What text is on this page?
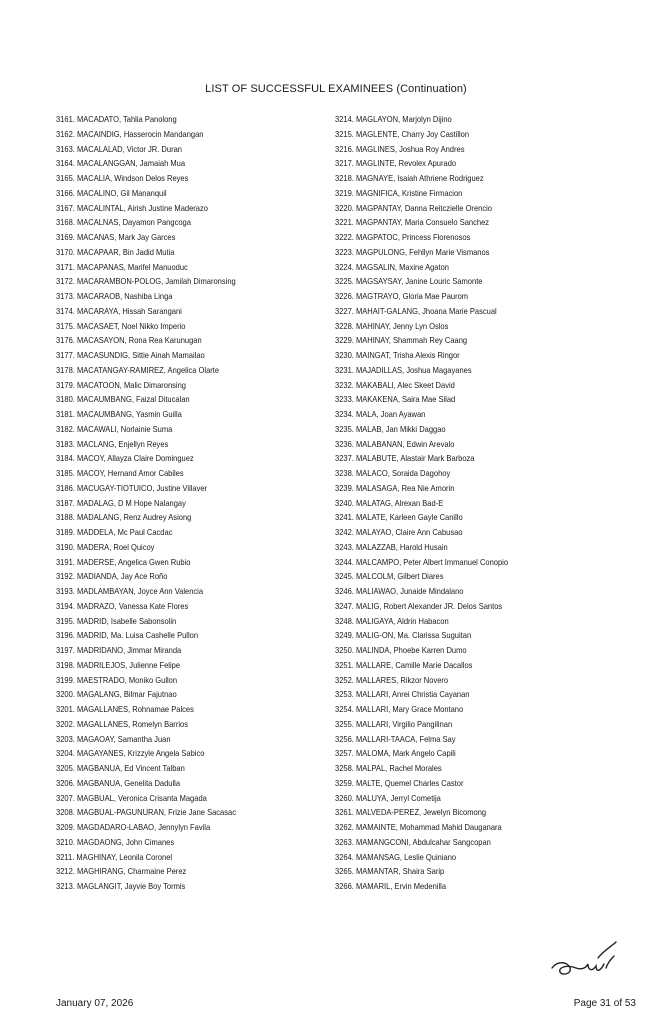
LIST OF SUCCESSFUL EXAMINEES (Continuation)
3161. MACADATO, Tahlia Panolong
3162. MACAINDIG, Hasserocin Mandangan
3163. MACALALAD, Victor JR. Duran
3164. MACALANGGAN, Jamaiah Mua
3165. MACALIA, Windson Delos Reyes
3166. MACALINO, Gil Mananquil
3167. MACALINTAL, Airish Justine Maderazo
3168. MACALNAS, Dayamon Pangcoga
3169. MACANAS, Mark Jay Garces
3170. MACAPAAR, Bin Jadid Mutia
3171. MACAPANAS, Marifel Manuoduc
3172. MACARAMBON-POLOG, Jamilah Dimaronsing
3173. MACARAOB, Nashiba Linga
3174. MACARAYA, Hissah Sarangani
3175. MACASAET, Noel Nikko Imperio
3176. MACASAYON, Rona Rea Karunugan
3177. MACASUNDIG, Sittie Ainah Mamailao
3178. MACATANGAY-RAMIREZ, Angelica Olarte
3179. MACATOON, Malic Dimaronsing
3180. MACAUMBANG, Faizal Ditucalan
3181. MACAUMBANG, Yasmin Guilla
3182. MACAWALI, Norlainie Suma
3183. MACLANG, Enjellyn Reyes
3184. MACOY, Allayza Claire Dominguez
3185. MACOY, Hernand Amor Cabiles
3186. MACUGAY-TIOTUICO, Justine Villaver
3187. MADALAG, D M Hope Nalangay
3188. MADALANG, Renz Audrey Asiong
3189. MADDELA, Mc Paul Cacdac
3190. MADERA, Roel Quicoy
3191. MADERSE, Angelica Gwen Rubio
3192. MADIANDA, Jay Ace Roño
3193. MADLAMBAYAN, Joyce Ann Valencia
3194. MADRAZO, Vanessa Kate Flores
3195. MADRID, Isabelle Sabonsolin
3196. MADRID, Ma. Luisa Cashelle Pullon
3197. MADRIDANO, Jimmar Miranda
3198. MADRILEJOS, Julienne Felipe
3199. MAESTRADO, Moniko Gullon
3200. MAGALANG, Bilmar Fajutnao
3201. MAGALLANES, Rohnamae Palces
3202. MAGALLANES, Romelyn Barrios
3203. MAGAOAY, Samantha Juan
3204. MAGAYANES, Krizzyle Angela Sabico
3205. MAGBANUA, Ed Vincent Talban
3206. MAGBANUA, Genelita Dadulla
3207. MAGBUAL, Veronica Crisanta Magada
3208. MAGBUAL-PAGUNURAN, Frizie Jane Sacasac
3209. MAGDADARO-LABAO, Jennylyn Favila
3210. MAGDAONG, John Cimanes
3211. MAGHINAY, Leonila Coronel
3212. MAGHIRANG, Charmaine Perez
3213. MAGLANGIT, Jayvie Boy Tormis
3214. MAGLAYON, Marjolyn Dijino
3215. MAGLENTE, Charry Joy Castillon
3216. MAGLINES, Joshua Roy Andres
3217. MAGLINTE, Revolex Apurado
3218. MAGNAYE, Isaiah Athriene Rodriguez
3219. MAGNIFICA, Kristine Firmacion
3220. MAGPANTAY, Danna Reitczielle Orencio
3221. MAGPANTAY, Maria Consuelo Sanchez
3222. MAGPATOC, Princess Florenosos
3223. MAGPULONG, Fehllyn Marie Vismanos
3224. MAGSALIN, Maxine Agaton
3225. MAGSAYSAY, Janine Louric Samonte
3226. MAGTRAYO, Gloria Mae Paurom
3227. MAHAIT-GALANG, Jhoana Marie Pascual
3228. MAHINAY, Jenny Lyn Oslos
3229. MAHINAY, Shammah Rey Caang
3230. MAINGAT, Trisha Alexis Ringor
3231. MAJADILLAS, Joshua Magayanes
3232. MAKABALI, Alec Skeet David
3233. MAKAKENA, Saira Mae Silad
3234. MALA, Joan Ayawan
3235. MALAB, Jan Mikki Daggao
3236. MALABANAN, Edwin Arevalo
3237. MALABUTE, Alastair Mark Barboza
3238. MALACO, Soraida Dagohoy
3239. MALASAGA, Rea Nie Amorin
3240. MALATAG, Alrexan Bad-E
3241. MALATE, Karleen Gayle Canillo
3242. MALAYAO, Claire Ann Cabusao
3243. MALAZZAB, Harold Husain
3244. MALCAMPO, Peter Albert Immanuel Conopio
3245. MALCOLM, Gilbert Diares
3246. MALIAWAO, Junaide Mindalano
3247. MALIG, Robert Alexander JR. Delos Santos
3248. MALIGAYA, Aldrin Habacon
3249. MALIG-ON, Ma. Clarissa Suguitan
3250. MALINDA, Phoebe Karren Dumo
3251. MALLARE, Camille Marie Dacallos
3252. MALLARES, Rikzor Novero
3253. MALLARI, Anrei Christia Cayanan
3254. MALLARI, Mary Grace Montano
3255. MALLARI, Virgilio Pangilinan
3256. MALLARI-TAACA, Felma Say
3257. MALOMA, Mark Angelo Capili
3258. MALPAL, Rachel Morales
3259. MALTE, Quemel Charles Castor
3260. MALUYA, Jerryl Cometija
3261. MALVEDA-PEREZ, Jewelyn Bicomong
3262. MAMAINTE, Mohammad Mahid Dauganara
3263. MAMANGCONI, Abdulcahar Sangcopan
3264. MAMANSAG, Leslie Quiniano
3265. MAMANTAR, Shaira Sarip
3266. MAMARIL, Ervin Medenilla
January 07, 2026	Page 31 of 53
